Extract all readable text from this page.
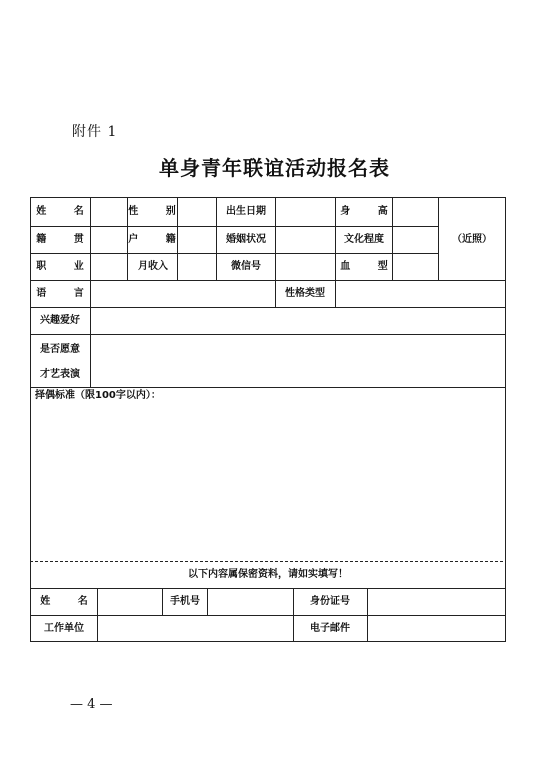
附件 1
单身青年联谊活动报名表
姓 名	性 别	出生日期	身 高
（近照）
籍 贯	户 籍	婚姻状况	文化程度
职 业	月收入	微信号	血 型
语 言	性格类型
兴趣爱好
是否愿意
才艺表演
择偶标准（限100字以内）：
以下内容属保密资料，请如实填写！
姓 名	手机号	身份证号
工作单位	电子邮件
— 4 —
